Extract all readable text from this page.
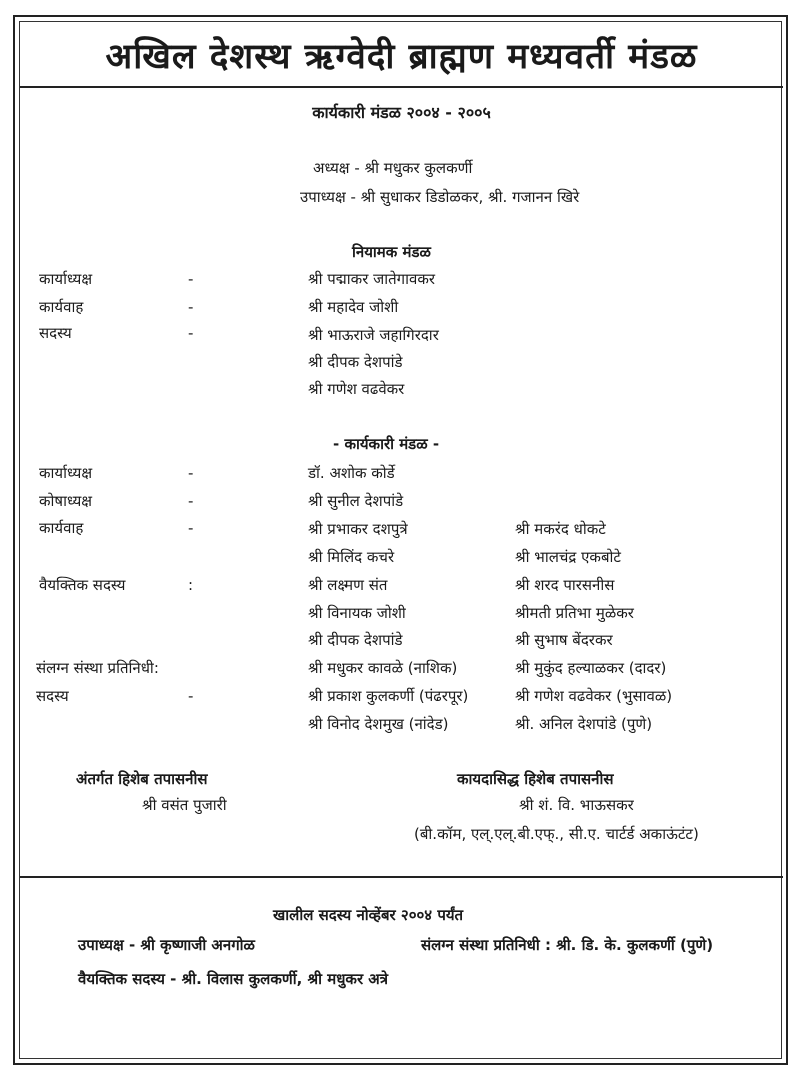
अखिल देशस्थ ऋग्वेदी ब्राह्मण मध्यवर्ती मंडळ
कार्यकारी मंडळ २००४ - २००५
अध्यक्ष - श्री मधुकर कुलकर्णी
उपाध्यक्ष - श्री सुधाकर डिडोळकर, श्री. गजानन खिरे
नियामक मंडळ
कार्याध्यक्ष	-	श्री पद्माकर जातेगावकर
कार्यवाह	-	श्री महादेव जोशी
सदस्य	-	श्री भाऊराजे जहागिरदार
श्री दीपक देशपांडे
श्री गणेश वढवेकर
- कार्यकारी मंडळ -
कार्याध्यक्ष	-	डॉ. अशोक कोर्डे
कोषाध्यक्ष	-	श्री सुनील देशपांडे
कार्यवाह	-	श्री प्रभाकर दशपुत्रे	श्री मकरंद धोकटे
श्री मिलिंद कचरे	श्री भालचंद्र एकबोटे
वैयक्तिक सदस्य	:	श्री लक्ष्मण संत	श्री शरद पारसनीस
श्री विनायक जोशी	श्रीमती प्रतिभा मुळेकर
श्री दीपक देशपांडे	श्री सुभाष बेंदरकर
संलग्न संस्था प्रतिनिधी:	श्री मधुकर कावळे (नाशिक)	श्री मुकुंद हल्याळकर (दादर)
सदस्य	-	श्री प्रकाश कुलकर्णी (पंढरपूर)	श्री गणेश वढवेकर (भुसावळ)
श्री विनोद देशमुख (नांदेड)	श्री. अनिल देशपांडे (पुणे)
अंतर्गत हिशेब तपासनीस
श्री वसंत पुजारी
कायदासिद्ध हिशेब तपासनीस
श्री शं. वि. भाऊसकर
(बी.कॉम, एल्.एल्.बी.एफ्., सी.ए. चार्टर्ड अकाऊंटंट)
खालील सदस्य नोव्हेंबर २००४ पर्यंत
उपाध्यक्ष - श्री कृष्णाजी अनगोळ	संलग्न संस्था प्रतिनिधी : श्री. डि. के. कुलकर्णी (पुणे)
वैयक्तिक सदस्य - श्री. विलास कुलकर्णी, श्री मधुकर अत्रे
